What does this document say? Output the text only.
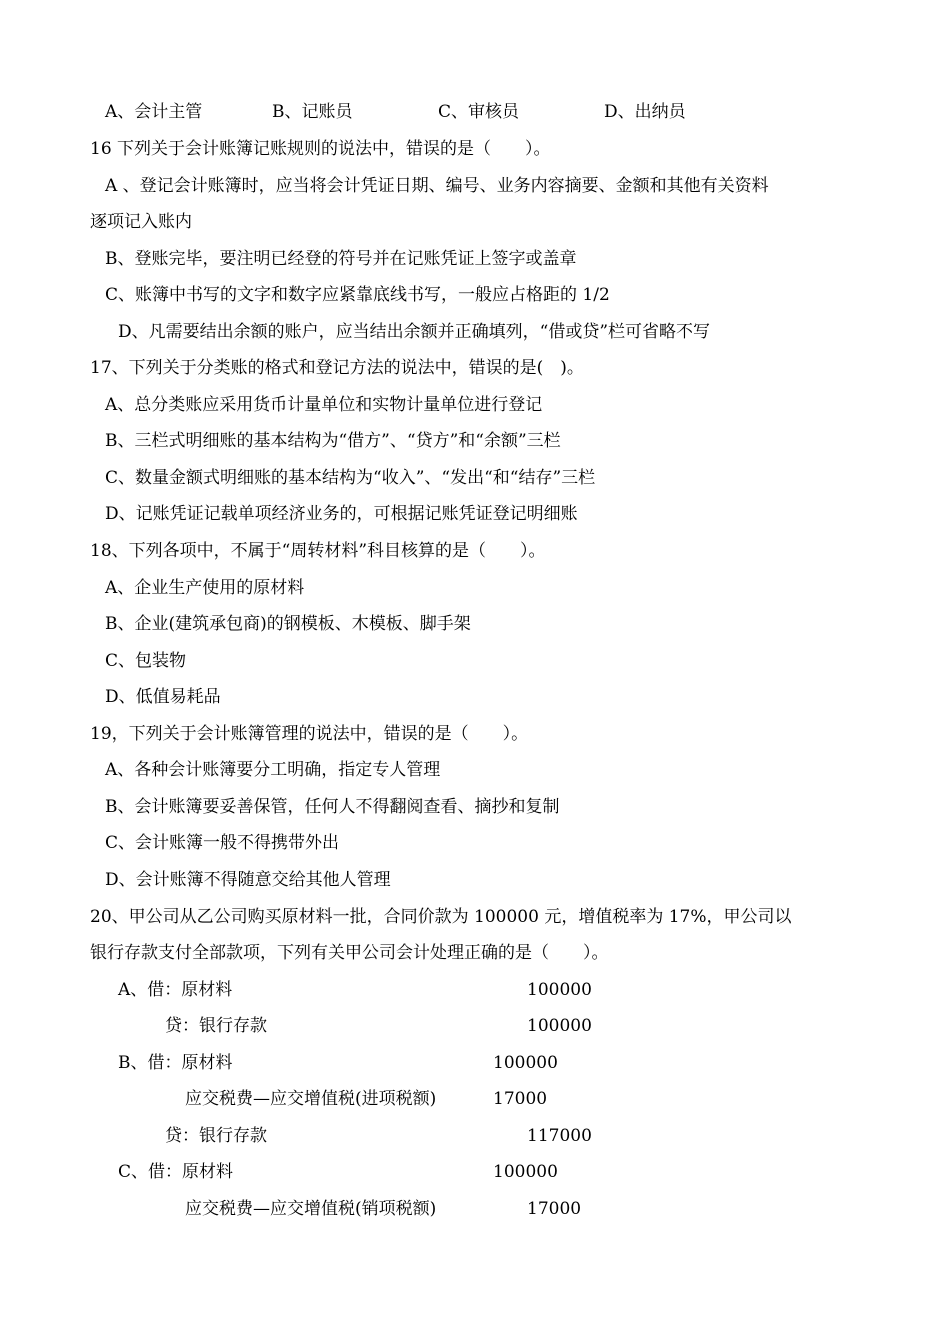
A、会计主管	B、记账员	C、审核员	D、出纳员
16 下列关于会计账簿记账规则的说法中，错误的是（　　）。
A 、登记会计账簿时，应当将会计凭证日期、编号、业务内容摘要、金额和其他有关资料
逐项记入账内
B、登账完毕，要注明已经登的符号并在记账凭证上签字或盖章
C、账簿中书写的文字和数字应紧靠底线书写，一般应占格距的 1/2
D、凡需要结出余额的账户，应当结出余额并正确填列，“借或贷”栏可省略不写
17、下列关于分类账的格式和登记方法的说法中，错误的是(　)。
A、总分类账应采用货币计量单位和实物计量单位进行登记
B、三栏式明细账的基本结构为“借方”、“贷方”和“余额”三栏
C、数量金额式明细账的基本结构为“收入”、“发出“和“结存”三栏
D、记账凭证记载单项经济业务的，可根据记账凭证登记明细账
18、下列各项中，不属于“周转材料”科目核算的是（　　）。
A、企业生产使用的原材料
B、企业(建筑承包商)的钢模板、木模板、脚手架
C、包装物
D、低值易耗品
19，下列关于会计账簿管理的说法中，错误的是（　　）。
A、各种会计账簿要分工明确，指定专人管理
B、会计账簿要妥善保管，任何人不得翻阅查看、摘抄和复制
C、会计账簿一般不得携带外出
D、会计账簿不得随意交给其他人管理
20、甲公司从乙公司购买原材料一批，合同价款为 100000 元，增值税率为 17%，甲公司以
银行存款支付全部款项，下列有关甲公司会计处理正确的是（　　）。
A、借：原材料	100000
贷：银行存款	100000
B、借：原材料	100000
应交税费—应交增值税(进项税额)	17000
贷：银行存款	117000
C、借：原材料	100000
应交税费—应交增值税(销项税额)	17000
